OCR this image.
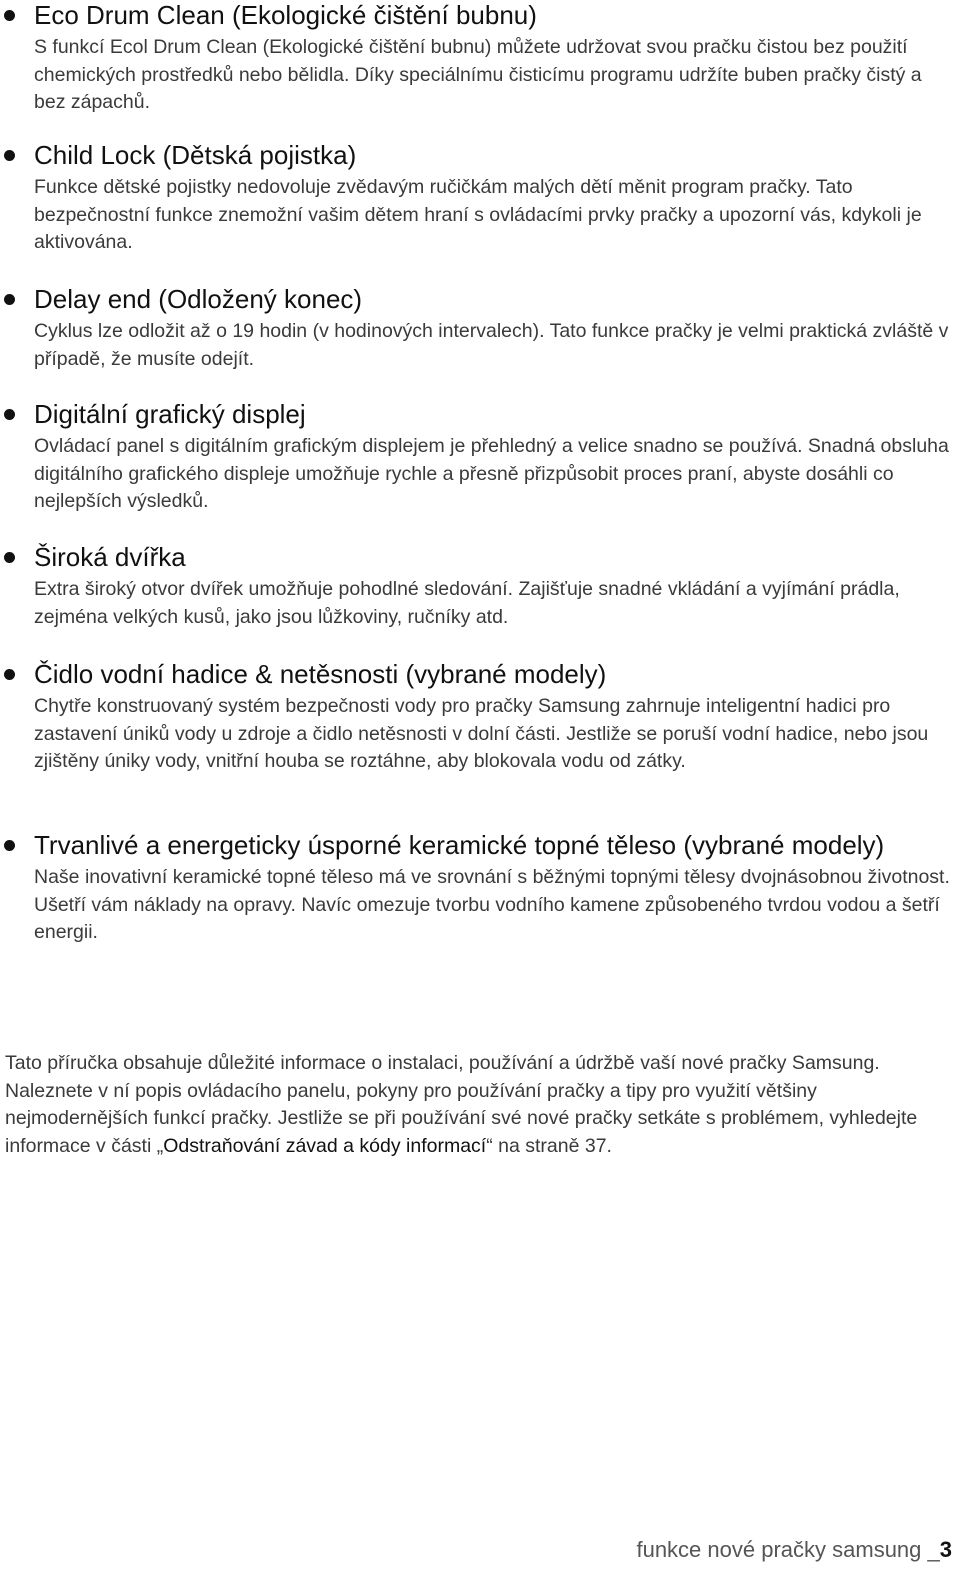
Eco Drum Clean (Ekologické čištění bubnu)

S funkcí Ecol Drum Clean (Ekologické čištění bubnu) můžete udržovat svou pračku čistou bez použití chemických prostředků nebo bělidla. Díky speciálnímu čisticímu programu udržíte buben pračky čistý a bez zápachů.

Child Lock (Dětská pojistka)

Funkce dětské pojistky nedovoluje zvědavým ručičkám malých dětí měnit program pračky. Tato bezpečnostní funkce znemožní vašim dětem hraní s ovládacími prvky pračky a upozorní vás, kdykoli je aktivována.

Delay end (Odložený konec)

Cyklus lze odložit až o 19 hodin (v hodinových intervalech). Tato funkce pračky je velmi praktická zvláště v případě, že musíte odejít.

Digitální grafický displej

Ovládací panel s digitálním grafickým displejem je přehledný a velice snadno se používá. Snadná obsluha digitálního grafického displeje umožňuje rychle a přesně přizpůsobit proces praní, abyste dosáhli co nejlepších výsledků.

Široká dvířka

Extra široký otvor dvířek umožňuje pohodlné sledování. Zajišťuje snadné vkládání a vyjímání prádla, zejména velkých kusů, jako jsou lůžkoviny, ručníky atd.

Čidlo vodní hadice & netěsnosti (vybrané modely)

Chytře konstruovaný systém bezpečnosti vody pro pračky Samsung zahrnuje inteligentní hadici pro zastavení úniků vody u zdroje a čidlo netěsnosti v dolní části. Jestliže se poruší vodní hadice, nebo jsou zjištěny úniky vody, vnitřní houba se roztáhne, aby blokovala vodu od zátky.

Trvanlivé a energeticky úsporné keramické topné těleso (vybrané modely)

Naše inovativní keramické topné těleso má ve srovnání s běžnými topnými tělesy dvojnásobnou životnost.
Ušetří vám náklady na opravy. Navíc omezuje tvorbu vodního kamene způsobeného tvrdou vodou a šetří energii.

Tato příručka obsahuje důležité informace o instalaci, používání a údržbě vaší nové pračky Samsung. Naleznete v ní popis ovládacího panelu, pokyny pro používání pračky a tipy pro využití většiny nejmodernějších funkcí pračky. Jestliže se při používání své nové pračky setkáte s problémem, vyhledejte informace v části „Odstraňování závad a kódy informací“ na straně 37.

funkce nové pračky samsung _3
